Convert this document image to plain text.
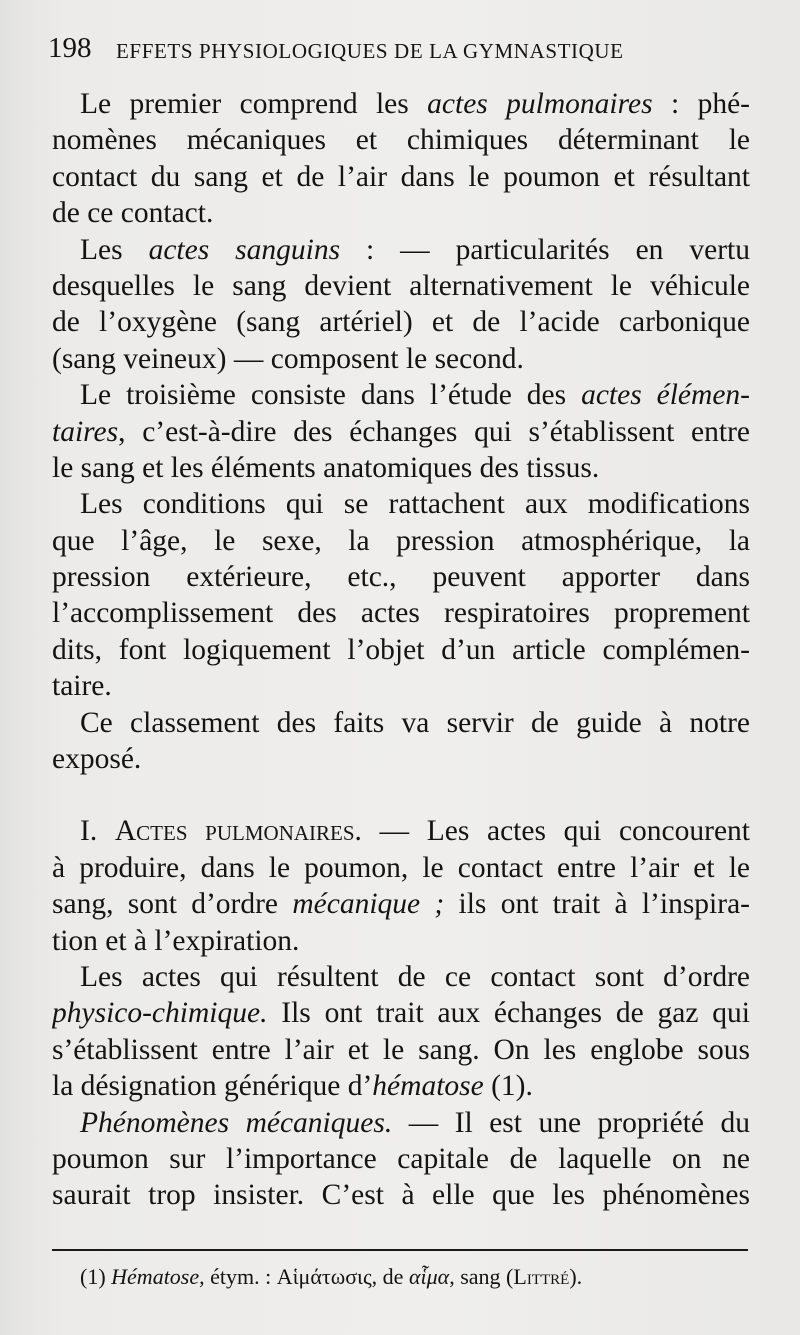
198 EFFETS PHYSIOLOGIQUES DE LA GYMNASTIQUE
Le premier comprend les actes pulmonaires : phé-
nomènes mécaniques et chimiques déterminant le
contact du sang et de l’air dans le poumon et résultant
de ce contact.
Les actes sanguins : — particularités en vertu
desquelles le sang devient alternativement le véhicule
de l’oxygène (sang artériel) et de l’acide carbonique
(sang veineux) — composent le second.
Le troisième consiste dans l’étude des actes élémen-
taires, c’est-à-dire des échanges qui s’établissent entre
le sang et les éléments anatomiques des tissus.
Les conditions qui se rattachent aux modifications
que l’âge, le sexe, la pression atmosphérique, la
pression extérieure, etc., peuvent apporter dans
l’accomplissement des actes respiratoires proprement
dits, font logiquement l’objet d’un article complémen-
taire.
Ce classement des faits va servir de guide à notre
exposé.
I. Actes pulmonaires. — Les actes qui concourent
à produire, dans le poumon, le contact entre l’air et le
sang, sont d’ordre mécanique ; ils ont trait à l’inspira-
tion et à l’expiration.
Les actes qui résultent de ce contact sont d’ordre
physico-chimique. Ils ont trait aux échanges de gaz qui
s’établissent entre l’air et le sang. On les englobe sous
la désignation générique d’hématose (1).
Phénomènes mécaniques. — Il est une propriété du
poumon sur l’importance capitale de laquelle on ne
saurait trop insister. C’est à elle que les phénomènes
(1) Hématose, étym. : Αἱμάτωσις, de αἷμα, sang (Littré).
